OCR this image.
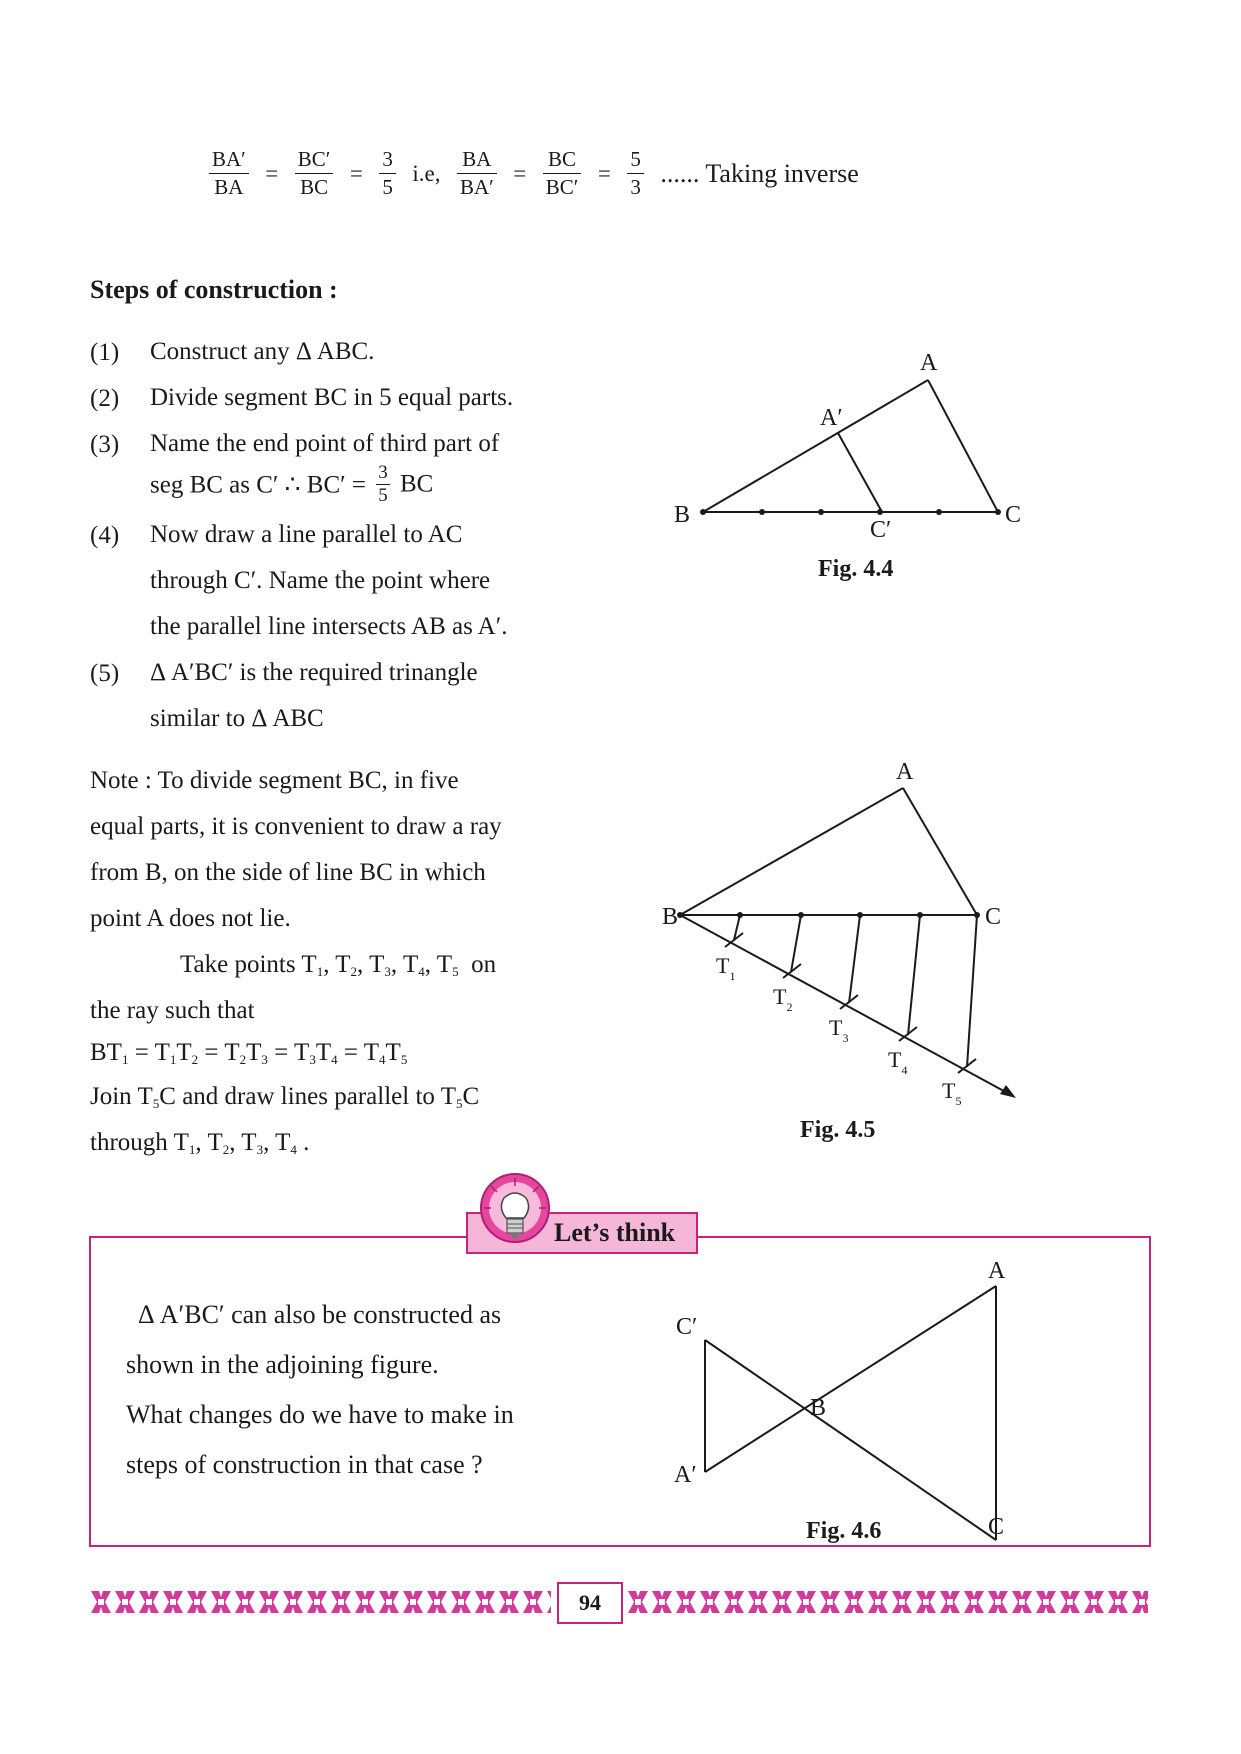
$\frac{BA'}{BA} = \frac{BC'}{BC} = \frac{3}{5} i.e$, $\frac{BA}{BA'} = \frac{BC}{BC'} = \frac{5}{3}$ ...... Taking inverse
Steps of construction :
(1) Construct any Δ ABC.
(2) Divide segment BC in 5 equal parts.
(3) Name the end point of third part of
seg BC as C′ ∴ $BC' = \frac{3}{5}$ BC
(4) Now draw a line parallel to AC
through C′. Name the point where
the parallel line intersects AB as A′.
(5) Δ A′BC′ is the required trinangle
similar to Δ ABC
Note : To divide segment BC, in five
equal parts, it is convenient to draw a ray
from B, on the side of line BC in which
point A does not lie.
Take points $T_1$, $T_2$, $T_3$, $T_4$, $T_5$ on
the ray such that
$BT_1 = T_1T_2 = T_2T_3 = T_3T_4 = T_4T_5$
Join $T_5C$ and draw lines parallel to $T_5C$
through $T_1$, $T_2$, $T_3$, $T_4$ .
A
A′
B	C
C′
Fig. 4.4
A
B	C
$T_1$
$T_2$
$T_3$
$T_4$
$T_5$
Fig. 4.5
Let’s think
Δ A′BC′ can also be constructed as
shown in the adjoining figure.
What changes do we have to make in
steps of construction in that case ?
A
C′
B
A′
C
Fig. 4.6
94
